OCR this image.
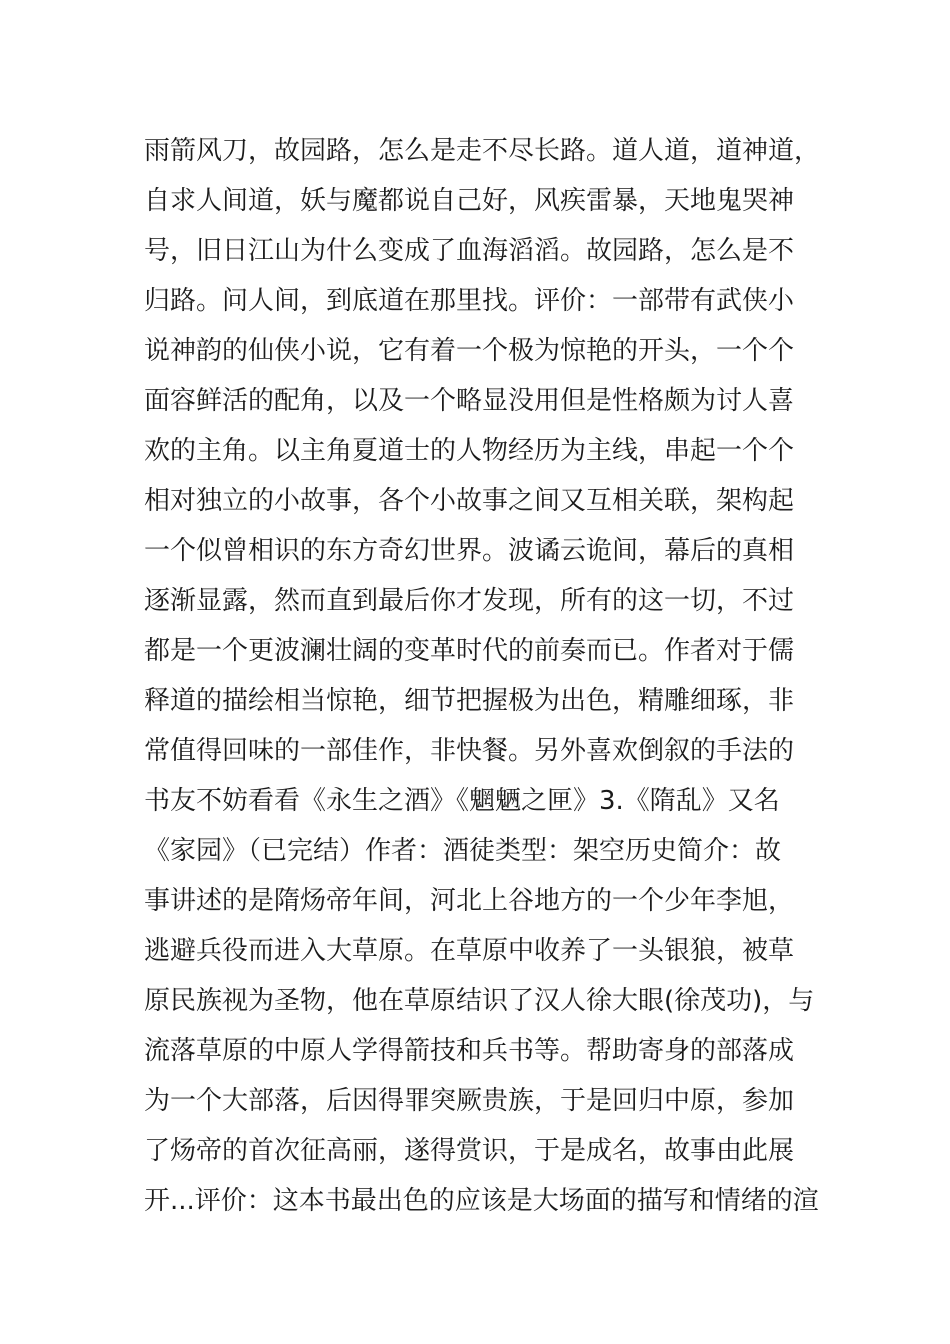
雨箭风刀，故园路，怎么是走不尽长路。道人道，道神道，
自求人间道，妖与魔都说自己好，风疾雷暴，天地鬼哭神
号，旧日江山为什么变成了血海滔滔。故园路，怎么是不
归路。问人间，到底道在那里找。评价：一部带有武侠小
说神韵的仙侠小说，它有着一个极为惊艳的开头，一个个
面容鲜活的配角，以及一个略显没用但是性格颇为讨人喜
欢的主角。以主角夏道士的人物经历为主线，串起一个个
相对独立的小故事，各个小故事之间又互相关联，架构起
一个似曾相识的东方奇幻世界。波谲云诡间，幕后的真相
逐渐显露，然而直到最后你才发现，所有的这一切，不过
都是一个更波澜壮阔的变革时代的前奏而已。作者对于儒
释道的描绘相当惊艳，细节把握极为出色，精雕细琢，非
常值得回味的一部佳作，非快餐。另外喜欢倒叙的手法的
书友不妨看看《永生之酒》《魍魉之匣》3.《隋乱》又名
《家园》（已完结）作者：酒徒类型：架空历史简介：故
事讲述的是隋炀帝年间，河北上谷地方的一个少年李旭，
逃避兵役而进入大草原。在草原中收养了一头银狼，被草
原民族视为圣物，他在草原结识了汉人徐大眼(徐茂功)，与
流落草原的中原人学得箭技和兵书等。帮助寄身的部落成
为一个大部落，后因得罪突厥贵族，于是回归中原，参加
了炀帝的首次征高丽，遂得赏识，于是成名，故事由此展
开...评价：这本书最出色的应该是大场面的描写和情绪的渲
